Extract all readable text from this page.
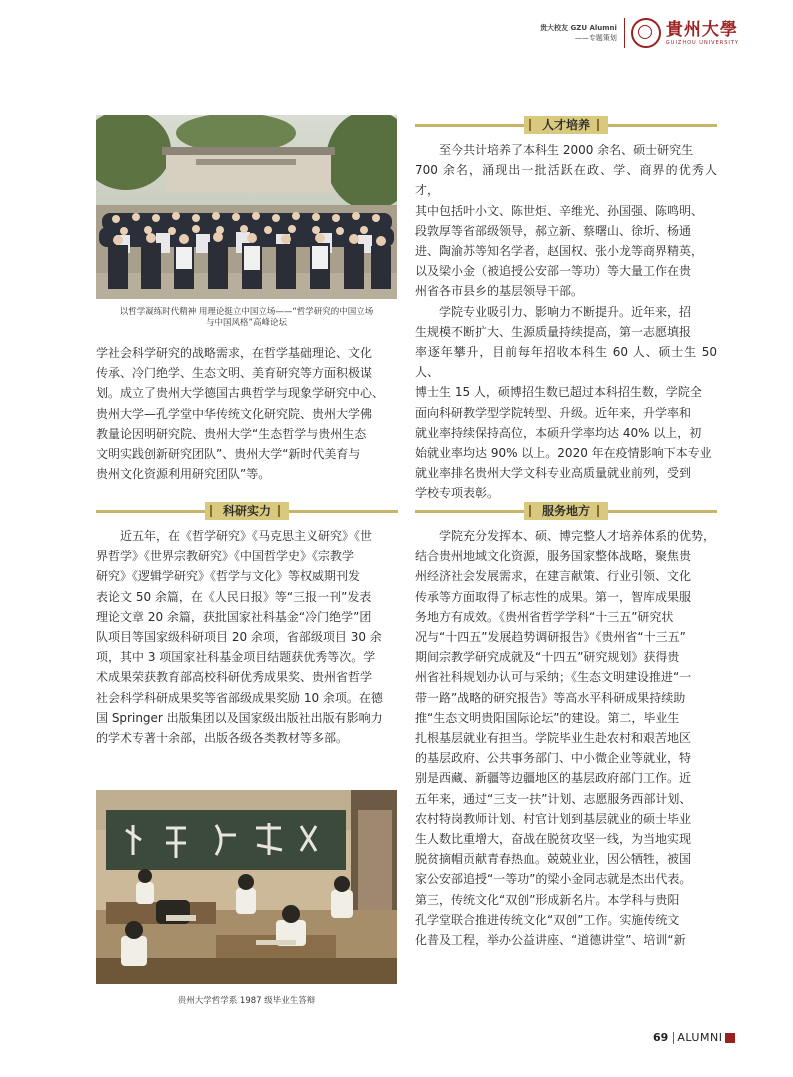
贵大校友 GZU Alumni
——专题策划	貴州大學
GUIZHOU UNIVERSITY
以哲学凝练时代精神 用理论挺立中国立场——“哲学研究的中国立场
与中国风格”高峰论坛
学社会科学研究的战略需求，在哲学基础理论、文化
传承、冷门绝学、生态文明、美育研究等方面积极谋
划。成立了贵州大学德国古典哲学与现象学研究中心、
贵州大学—孔学堂中华传统文化研究院、贵州大学佛
教量论因明研究院、贵州大学“生态哲学与贵州生态
文明实践创新研究团队”、贵州大学“新时代美育与
贵州文化资源利用研究团队”等。
科研实力
　　近五年，在《哲学研究》《马克思主义研究》《世
界哲学》《世界宗教研究》《中国哲学史》《宗教学
研究》《逻辑学研究》《哲学与文化》等权威期刊发
表论文 50 余篇，在《人民日报》等“三报一刊”发表
理论文章 20 余篇，获批国家社科基金“冷门绝学”团
队项目等国家级科研项目 20 余项，省部级项目 30 余
项，其中 3 项国家社科基金项目结题获优秀等次。学
术成果荣获教育部高校科研优秀成果奖、贵州省哲学
社会科学科研成果奖等省部级成果奖励 10 余项。在德
国 Springer 出版集团以及国家级出版社出版有影响力
的学术专著十余部，出版各级各类教材等多部。
贵州大学哲学系 1987 级毕业生答辩
人才培养
　　至今共计培养了本科生 2000 余名、硕士研究生
700 余名，涌现出一批活跃在政、学、商界的优秀人才，
其中包括叶小文、陈世炬、辛维光、孙国强、陈鸣明、
段敦厚等省部级领导，郝立新、蔡曙山、徐圻、杨通
进、陶渝苏等知名学者，赵国权、张小龙等商界精英，
以及梁小金（被追授公安部一等功）等大量工作在贵
州省各市县乡的基层领导干部。
　　学院专业吸引力、影响力不断提升。近年来，招
生规模不断扩大、生源质量持续提高，第一志愿填报
率逐年攀升，目前每年招收本科生 60 人、硕士生 50 人、
博士生 15 人，硕博招生数已超过本科招生数，学院全
面向科研教学型学院转型、升级。近年来，升学率和
就业率持续保持高位，本硕升学率均达 40% 以上，初
始就业率均达 90% 以上。2020 年在疫情影响下本专业
就业率排名贵州大学文科专业高质量就业前列，受到
学校专项表彰。
服务地方
　　学院充分发挥本、硕、博完整人才培养体系的优势，
结合贵州地域文化资源，服务国家整体战略，聚焦贵
州经济社会发展需求，在建言献策、行业引领、文化
传承等方面取得了标志性的成果。第一，智库成果服
务地方有成效。《贵州省哲学学科“十三五”研究状
况与“十四五”发展趋势调研报告》《贵州省“十三五”
期间宗教学研究成就及“十四五”研究规划》获得贵
州省社科规划办认可与采纳；《生态文明建设推进“一
带一路”战略的研究报告》等高水平科研成果持续助
推“生态文明贵阳国际论坛”的建设。第二，毕业生
扎根基层就业有担当。学院毕业生赴农村和艰苦地区
的基层政府、公共事务部门、中小微企业等就业，特
别是西藏、新疆等边疆地区的基层政府部门工作。近
五年来，通过“三支一扶”计划、志愿服务西部计划、
农村特岗教师计划、村官计划到基层就业的硕士毕业
生人数比重增大，奋战在脱贫攻坚一线，为当地实现
脱贫摘帽贡献青春热血。兢兢业业，因公牺牲，被国
家公安部追授“一等功”的梁小金同志就是杰出代表。
第三，传统文化“双创”形成新名片。本学科与贵阳
孔学堂联合推进传统文化“双创”工作。实施传统文
化普及工程，举办公益讲座、“道德讲堂”、培训“新
69 ALUMNI
